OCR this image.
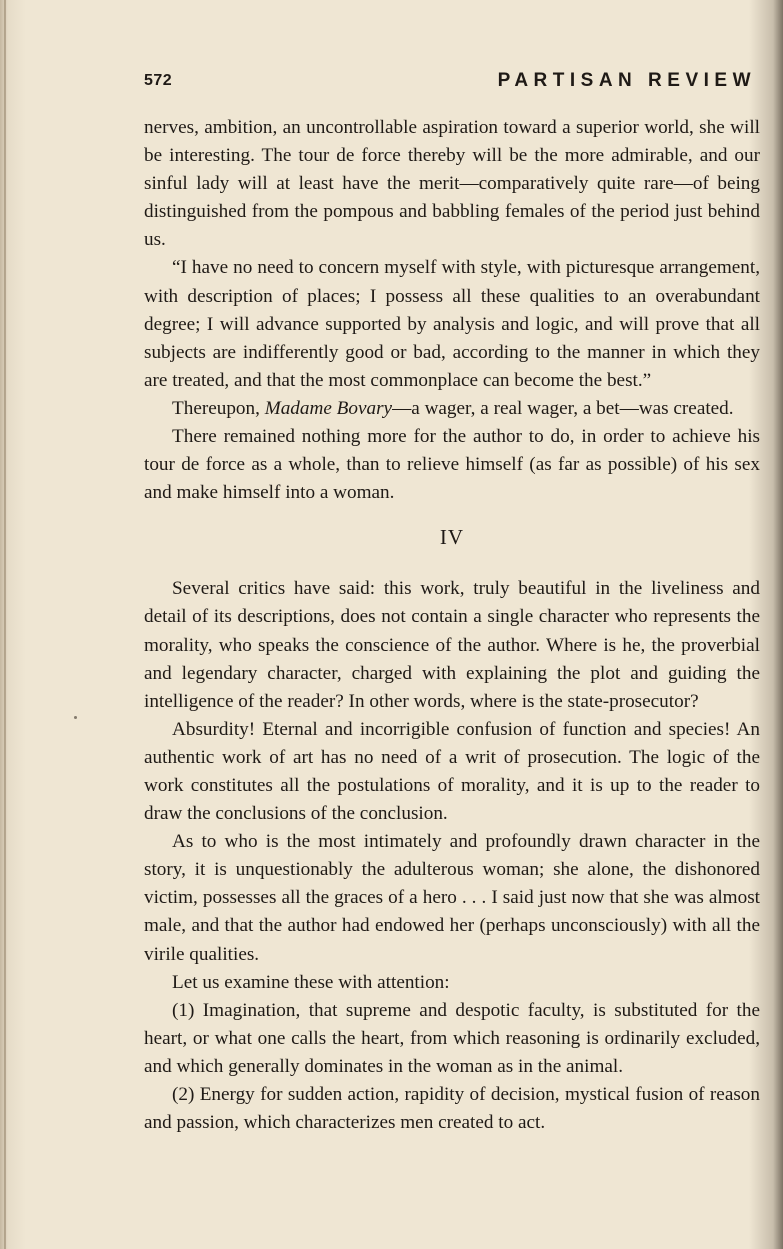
572	PARTISAN REVIEW

nerves, ambition, an uncontrollable aspiration toward a superior world, she will be interesting. The tour de force thereby will be the more admirable, and our sinful lady will at least have the merit—comparatively quite rare—of being distinguished from the pompous and babbling females of the period just behind us.

“I have no need to concern myself with style, with picturesque arrangement, with description of places; I possess all these qualities to an overabundant degree; I will advance supported by analysis and logic, and will prove that all subjects are indifferently good or bad, according to the manner in which they are treated, and that the most commonplace can become the best.”

Thereupon, Madame Bovary—a wager, a real wager, a bet—was created.

There remained nothing more for the author to do, in order to achieve his tour de force as a whole, than to relieve himself (as far as possible) of his sex and make himself into a woman.

IV

Several critics have said: this work, truly beautiful in the liveliness and detail of its descriptions, does not contain a single character who represents the morality, who speaks the conscience of the author. Where is he, the proverbial and legendary character, charged with explaining the plot and guiding the intelligence of the reader? In other words, where is the state-prosecutor?

Absurdity! Eternal and incorrigible confusion of function and species! An authentic work of art has no need of a writ of prosecution. The logic of the work constitutes all the postulations of morality, and it is up to the reader to draw the conclusions of the conclusion.

As to who is the most intimately and profoundly drawn character in the story, it is unquestionably the adulterous woman; she alone, the dishonored victim, possesses all the graces of a hero . . . I said just now that she was almost male, and that the author had endowed her (perhaps unconsciously) with all the virile qualities.

Let us examine these with attention:

(1) Imagination, that supreme and despotic faculty, is substituted for the heart, or what one calls the heart, from which reasoning is ordinarily excluded, and which generally dominates in the woman as in the animal.

(2) Energy for sudden action, rapidity of decision, mystical fusion of reason and passion, which characterizes men created to act.
